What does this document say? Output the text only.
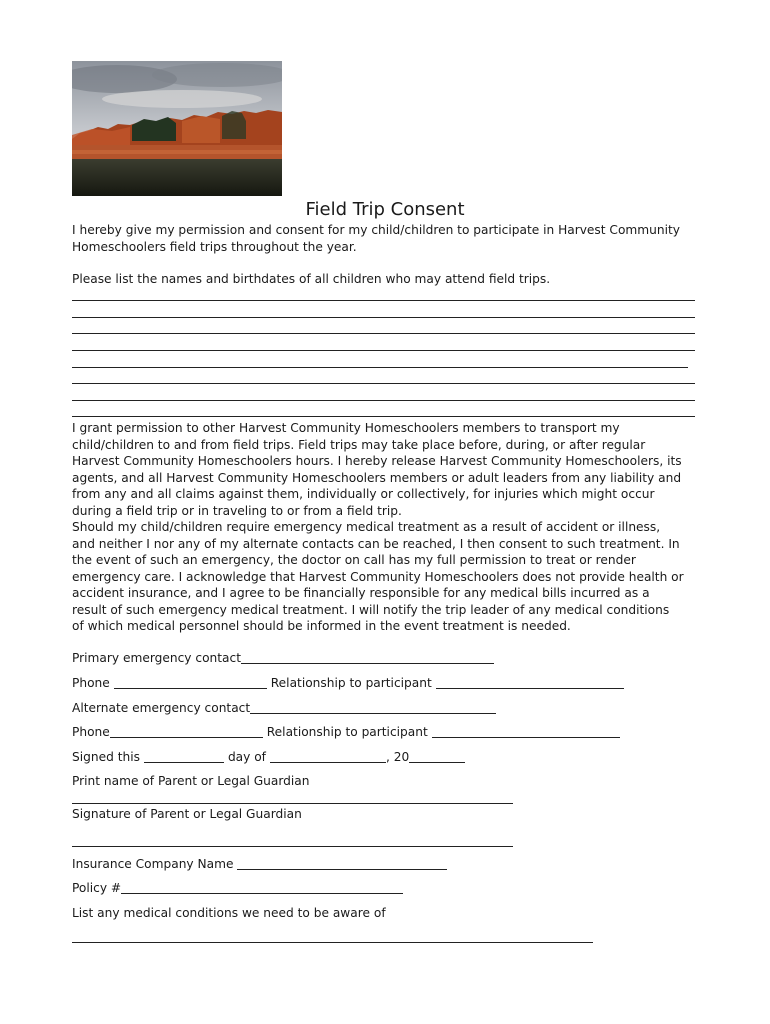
Field Trip Consent
I hereby give my permission and consent for my child/children to participate in Harvest Community
Homeschoolers field trips throughout the year.
Please list the names and birthdates of all children who may attend field trips.
I grant permission to other Harvest Community Homeschoolers members to transport my
child/children to and from field trips. Field trips may take place before, during, or after regular
Harvest Community Homeschoolers hours. I hereby release Harvest Community Homeschoolers, its
agents, and all Harvest Community Homeschoolers members or adult leaders from any liability and
from any and all claims against them, individually or collectively, for injuries which might occur
during a field trip or in traveling to or from a field trip.
Should my child/children require emergency medical treatment as a result of accident or illness,
and neither I nor any of my alternate contacts can be reached, I then consent to such treatment. In
the event of such an emergency, the doctor on call has my full permission to treat or render
emergency care. I acknowledge that Harvest Community Homeschoolers does not provide health or
accident insurance, and I agree to be financially responsible for any medical bills incurred as a
result of such emergency medical treatment. I will notify the trip leader of any medical conditions
of which medical personnel should be informed in the event treatment is needed.
Primary emergency contact
Phone	Relationship to participant
Alternate emergency contact
Phone	Relationship to participant
Signed this	day of	, 20
Print name of Parent or Legal Guardian
Signature of Parent or Legal Guardian
Insurance Company Name
Policy #
List any medical conditions we need to be aware of
